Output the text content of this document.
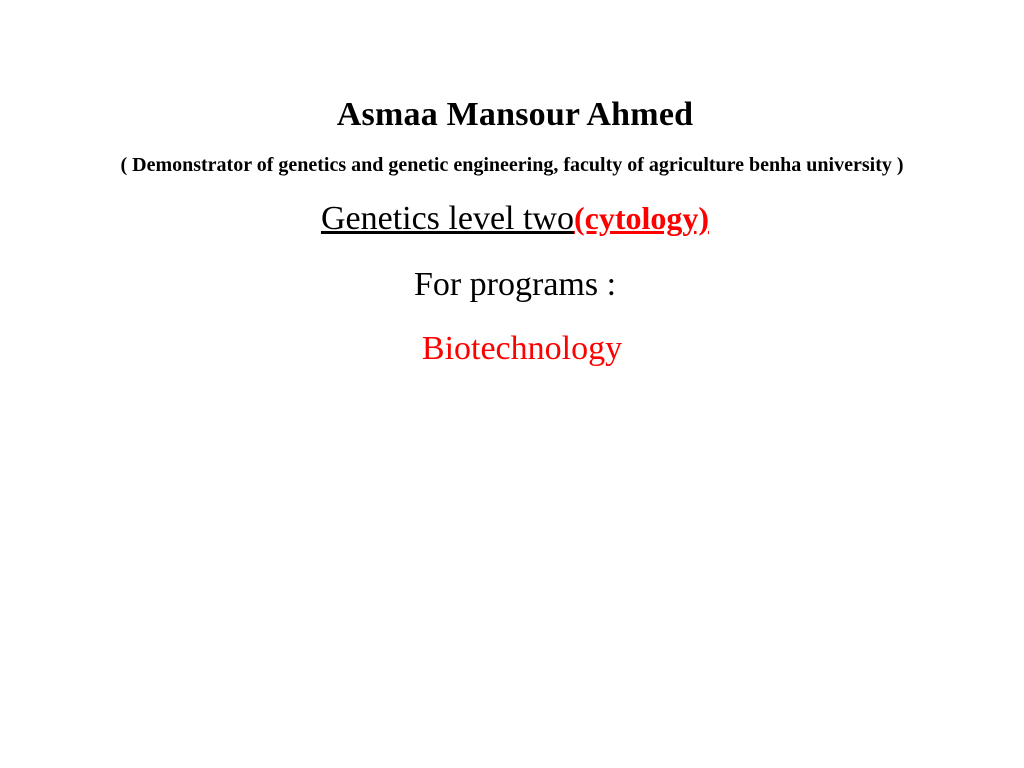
Asmaa Mansour Ahmed
( Demonstrator of genetics and genetic engineering, faculty of agriculture benha university )
Genetics level two (cytology)
For programs :
Biotechnology
